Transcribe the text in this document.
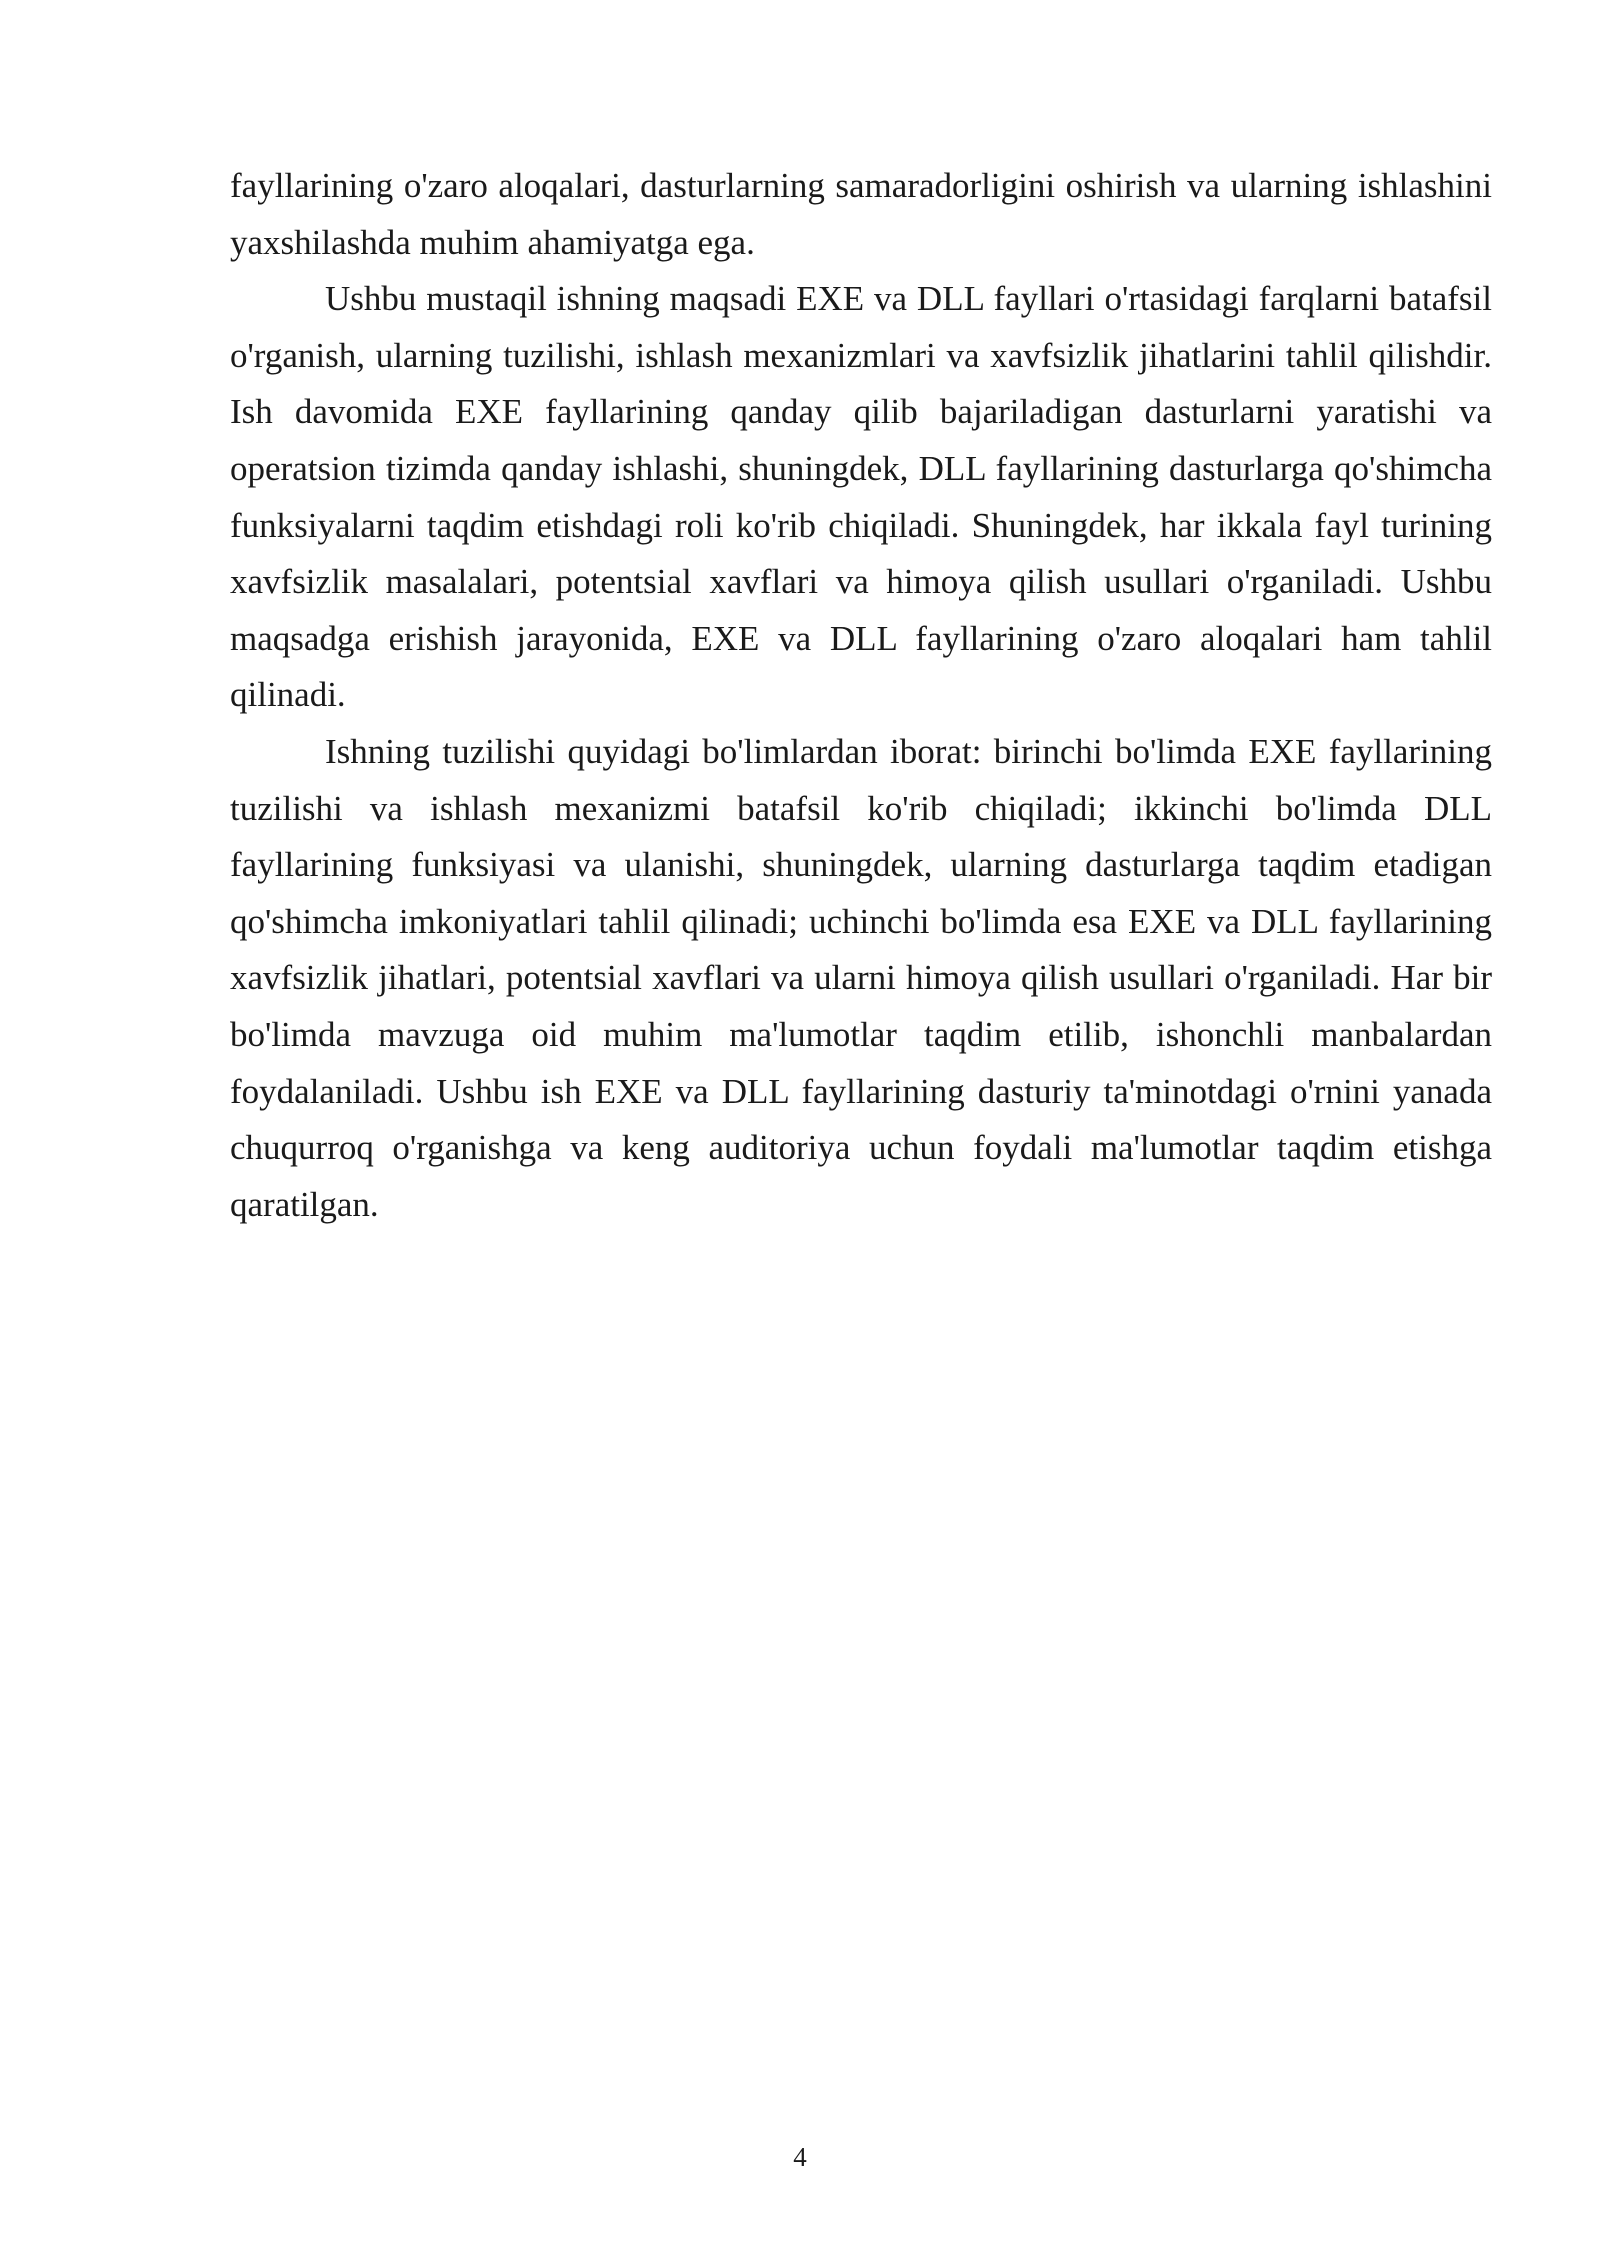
fayllarining o'zaro aloqalari, dasturlarning samaradorligini oshirish va ularning ishlashini yaxshilashda muhim ahamiyatga ega.

Ushbu mustaqil ishning maqsadi EXE va DLL fayllari o'rtasidagi farqlarni batafsil o'rganish, ularning tuzilishi, ishlash mexanizmlari va xavfsizlik jihatlarini tahlil qilishdir. Ish davomida EXE fayllarining qanday qilib bajariladigan dasturlarni yaratishi va operatsion tizimda qanday ishlashi, shuningdek, DLL fayllarining dasturlarga qo'shimcha funksiyalarni taqdim etishdagi roli ko'rib chiqiladi. Shuningdek, har ikkala fayl turining xavfsizlik masalalari, potentsial xavflari va himoya qilish usullari o'rganiladi. Ushbu maqsadga erishish jarayonida, EXE va DLL fayllarining o'zaro aloqalari ham tahlil qilinadi.

Ishning tuzilishi quyidagi bo'limlardan iborat: birinchi bo'limda EXE fayllarining tuzilishi va ishlash mexanizmi batafsil ko'rib chiqiladi; ikkinchi bo'limda DLL fayllarining funksiyasi va ulanishi, shuningdek, ularning dasturlarga taqdim etadigan qo'shimcha imkoniyatlari tahlil qilinadi; uchinchi bo'limda esa EXE va DLL fayllarining xavfsizlik jihatlari, potentsial xavflari va ularni himoya qilish usullari o'rganiladi. Har bir bo'limda mavzuga oid muhim ma'lumotlar taqdim etilib, ishonchli manbalardan foydalaniladi. Ushbu ish EXE va DLL fayllarining dasturiy ta'minotdagi o'rnini yanada chuqurroq o'rganishga va keng auditoriya uchun foydali ma'lumotlar taqdim etishga qaratilgan.

4
